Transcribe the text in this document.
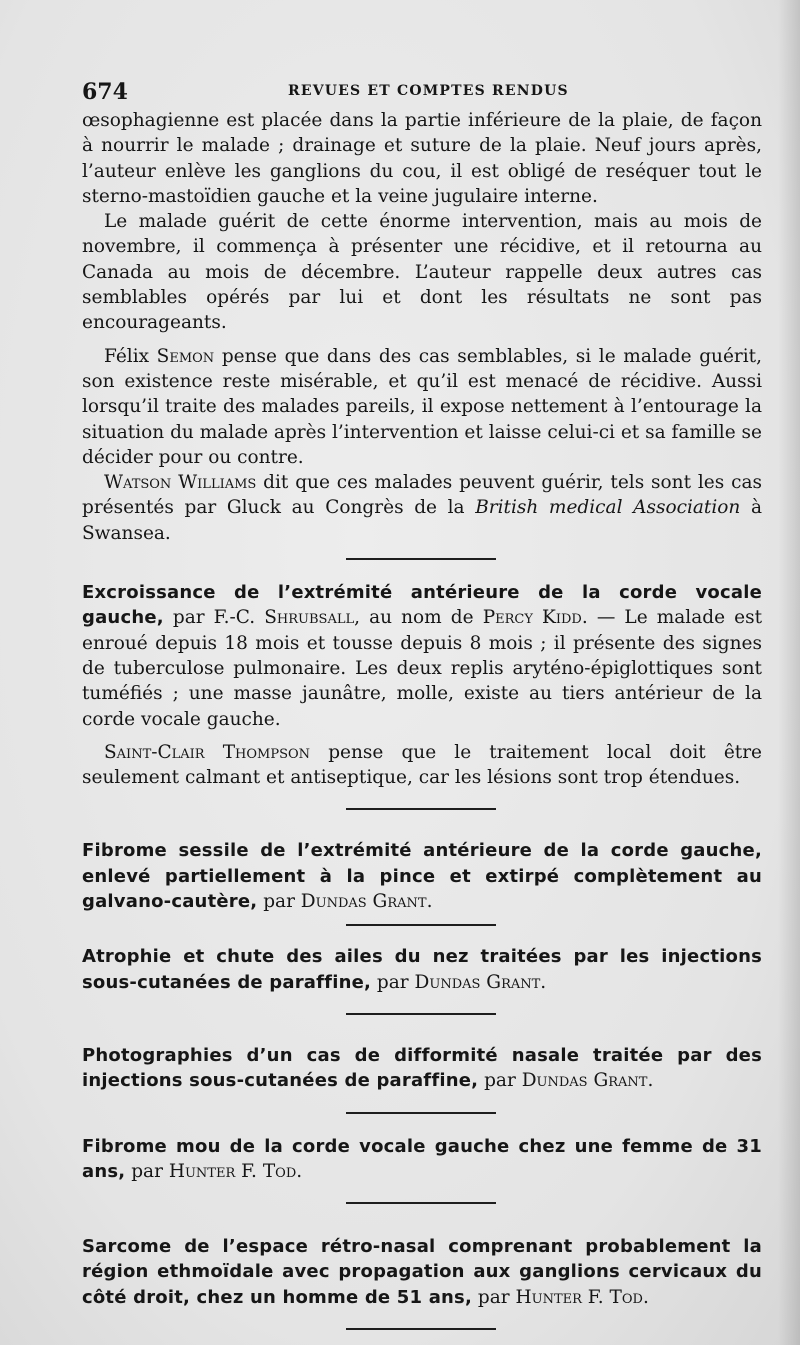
674	REVUES ET COMPTES RENDUS

œsophagienne est placée dans la partie inférieure de la plaie, de façon à nourrir le malade ; drainage et suture de la plaie. Neuf jours après, l’auteur enlève les ganglions du cou, il est obligé de reséquer tout le sterno-mastoïdien gauche et la veine jugulaire interne.

Le malade guérit de cette énorme intervention, mais au mois de novembre, il commença à présenter une récidive, et il retourna au Canada au mois de décembre. L’auteur rappelle deux autres cas semblables opérés par lui et dont les résultats ne sont pas encourageants.

Félix Semon pense que dans des cas semblables, si le malade guérit, son existence reste misérable, et qu’il est menacé de récidive. Aussi lorsqu’il traite des malades pareils, il expose nettement à l’entourage la situation du malade après l’intervention et laisse celui-ci et sa famille se décider pour ou contre.

Watson Williams dit que ces malades peuvent guérir, tels sont les cas présentés par Gluck au Congrès de la British medical Association à Swansea.

Excroissance de l’extrémité antérieure de la corde vocale gauche, par F.-C. Shrubsall, au nom de Percy Kidd. — Le malade est enroué depuis 18 mois et tousse depuis 8 mois ; il présente des signes de tuberculose pulmonaire. Les deux replis aryténo-épiglottiques sont tuméfiés ; une masse jaunâtre, molle, existe au tiers antérieur de la corde vocale gauche.

Saint-Clair Thompson pense que le traitement local doit être seulement calmant et antiseptique, car les lésions sont trop étendues.

Fibrome sessile de l’extrémité antérieure de la corde gauche, enlevé partiellement à la pince et extirpé complètement au galvano-cautère, par Dundas Grant.

Atrophie et chute des ailes du nez traitées par les injections sous-cutanées de paraffine, par Dundas Grant.

Photographies d’un cas de difformité nasale traitée par des injections sous-cutanées de paraffine, par Dundas Grant.

Fibrome mou de la corde vocale gauche chez une femme de 31 ans, par Hunter F. Tod.

Sarcome de l’espace rétro-nasal comprenant probablement la région ethmoïdale avec propagation aux ganglions cervicaux du côté droit, chez un homme de 51 ans, par Hunter F. Tod.
